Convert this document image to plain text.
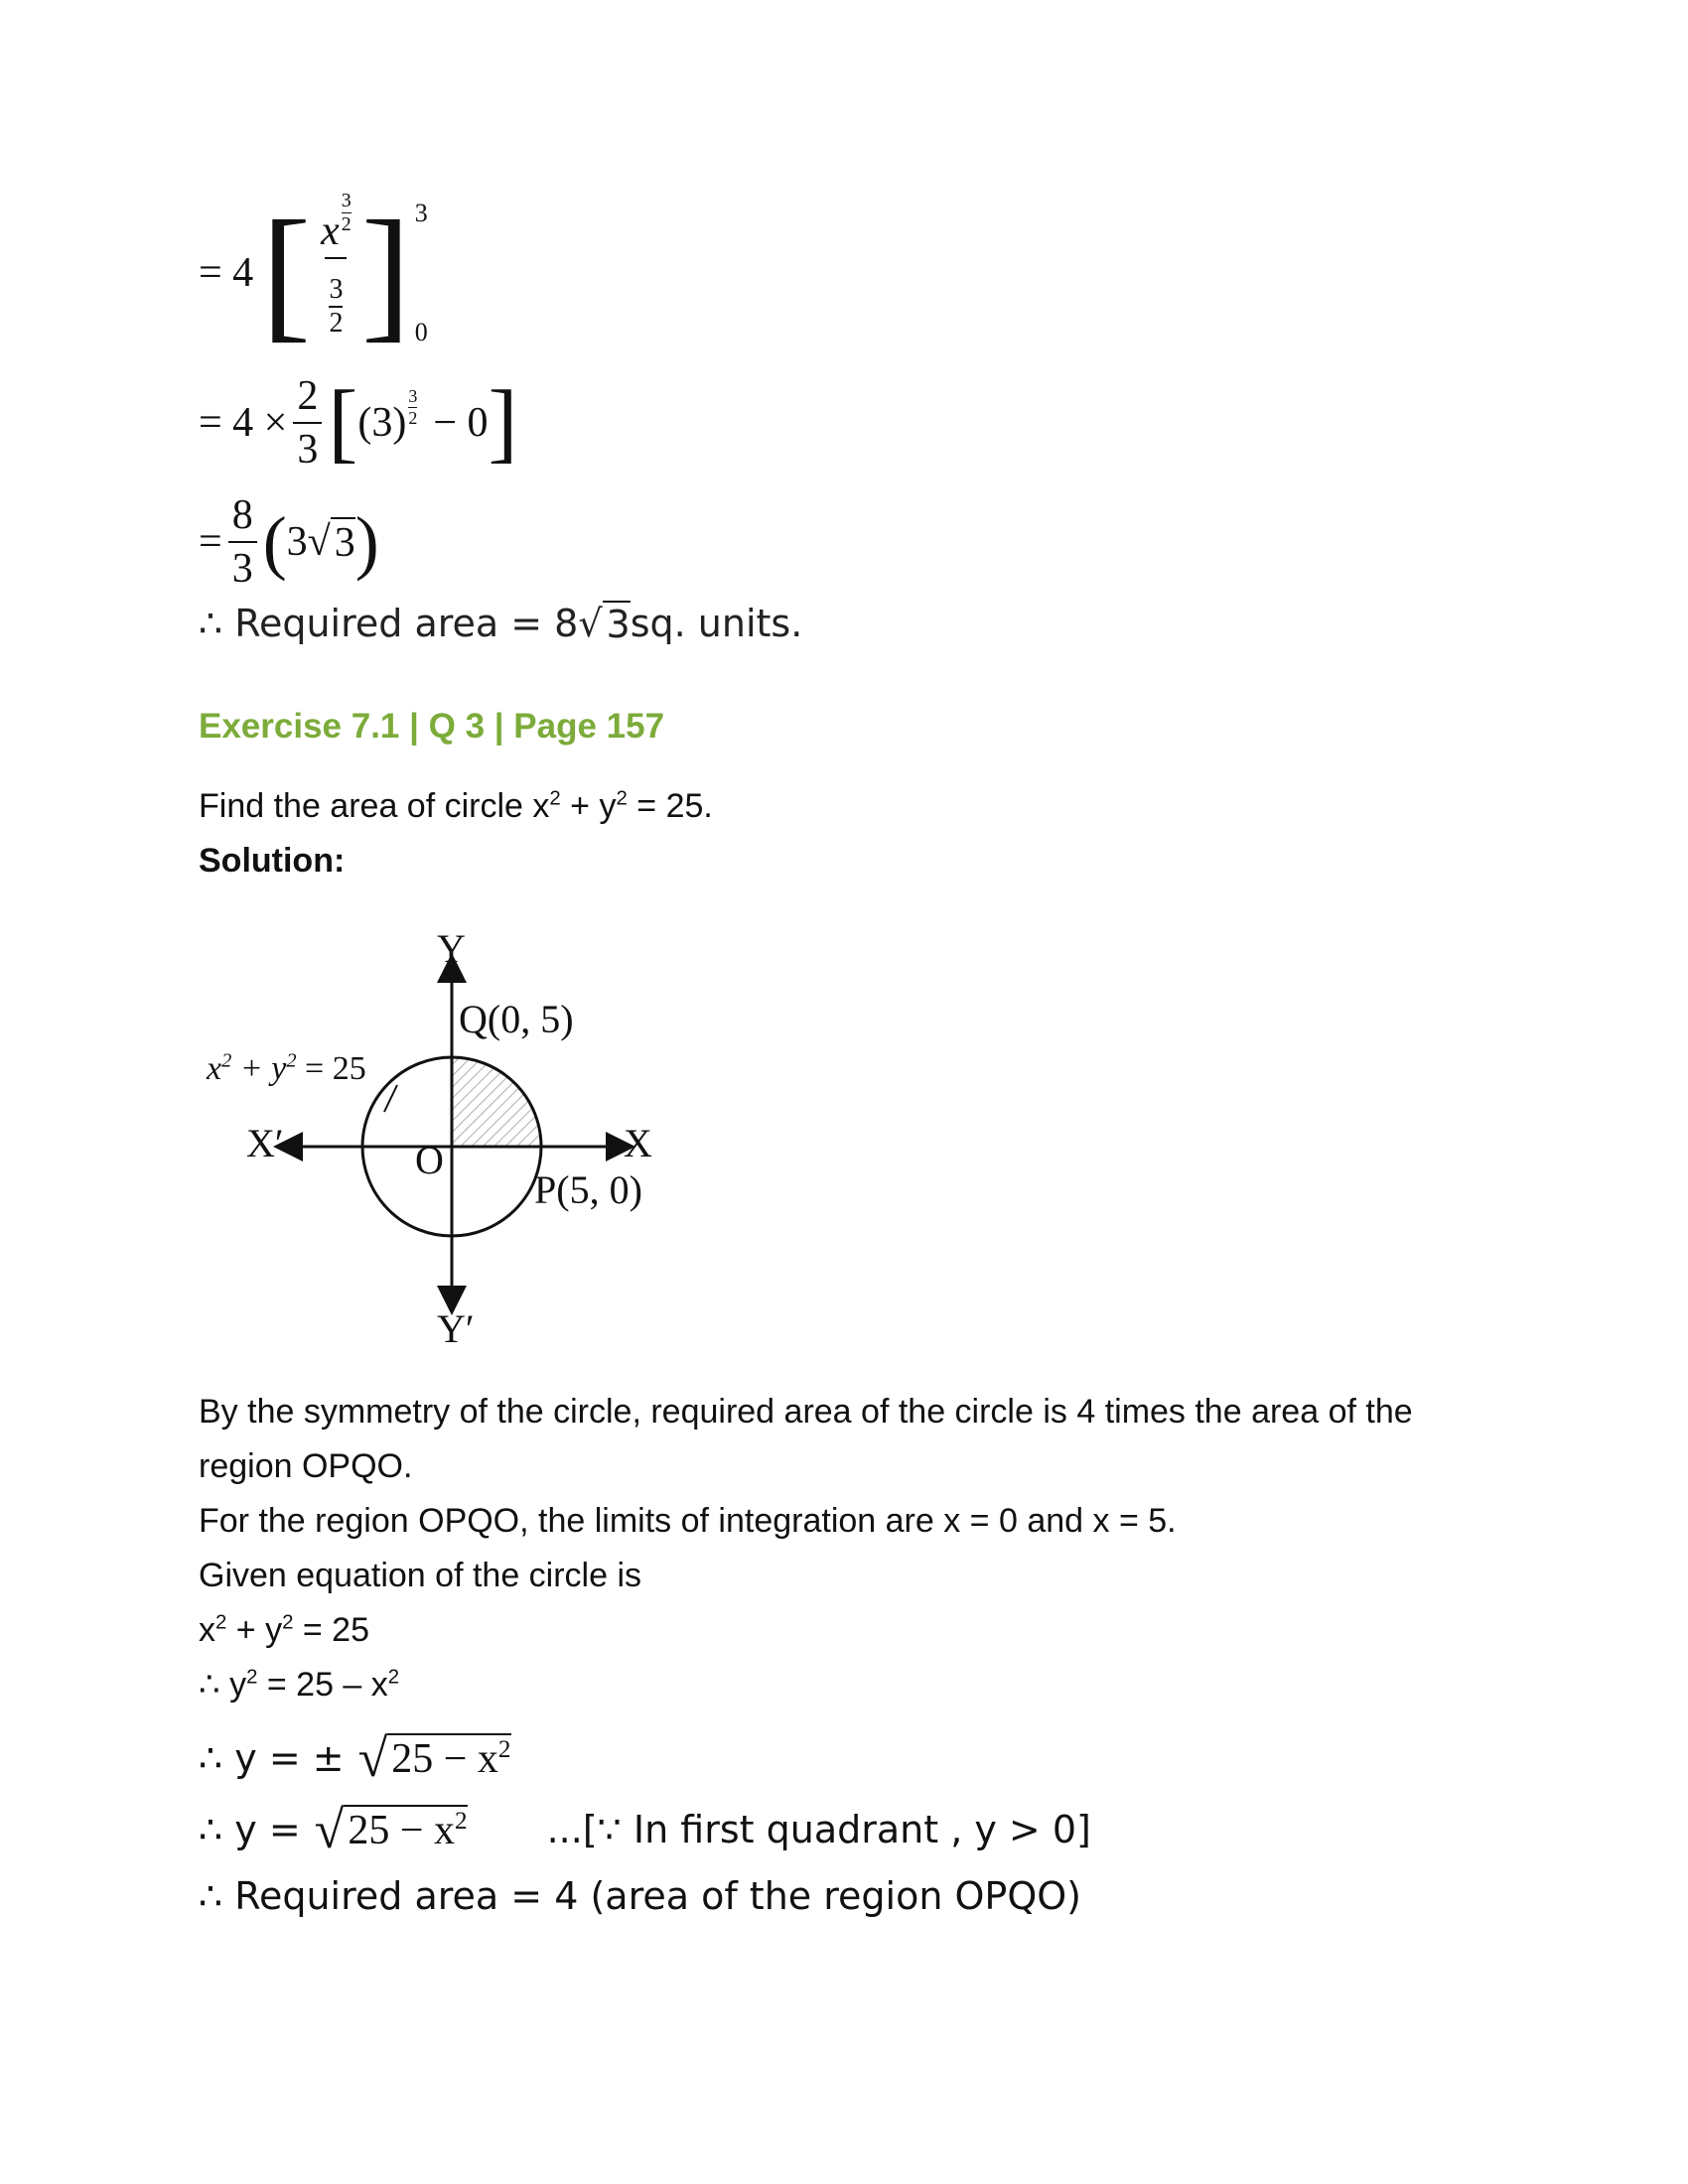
= 4 [ $\frac{x \frac{3}{2}}{\frac{3}{2}}$ ] 3
0
= $4 \times \frac{2}{3}$ [ (3)
3
2 − 0 ]
= $\frac{8}{3}$ ( 3 √ 3 )
∴ Required area = 8 √ 3 sq. units.
Exercise 7.1 | Q 3 | Page 157
Find the area of circle $x^2 + y^2 = 25$.
Solution:
Y
Y′
X
X′	O
Q(0, 5)
P(5, 0)
$x^2 + y^2 = 25$
By the symmetry of the circle, required area of the circle is 4 times the area of the
region OPQO.
For the region OPQO, the limits of integration are x = 0 and x = 5.
Given equation of the circle is
$x^2 + y^2 = 25$
∴ $y^2 = 25 - x^2$
∴ y = ± √ $25 - x^2$
∴ y = √ $25 - x^2$ ...[∵ In first quadrant , y > 0]
∴ Required area = 4 (area of the region OPQO)
